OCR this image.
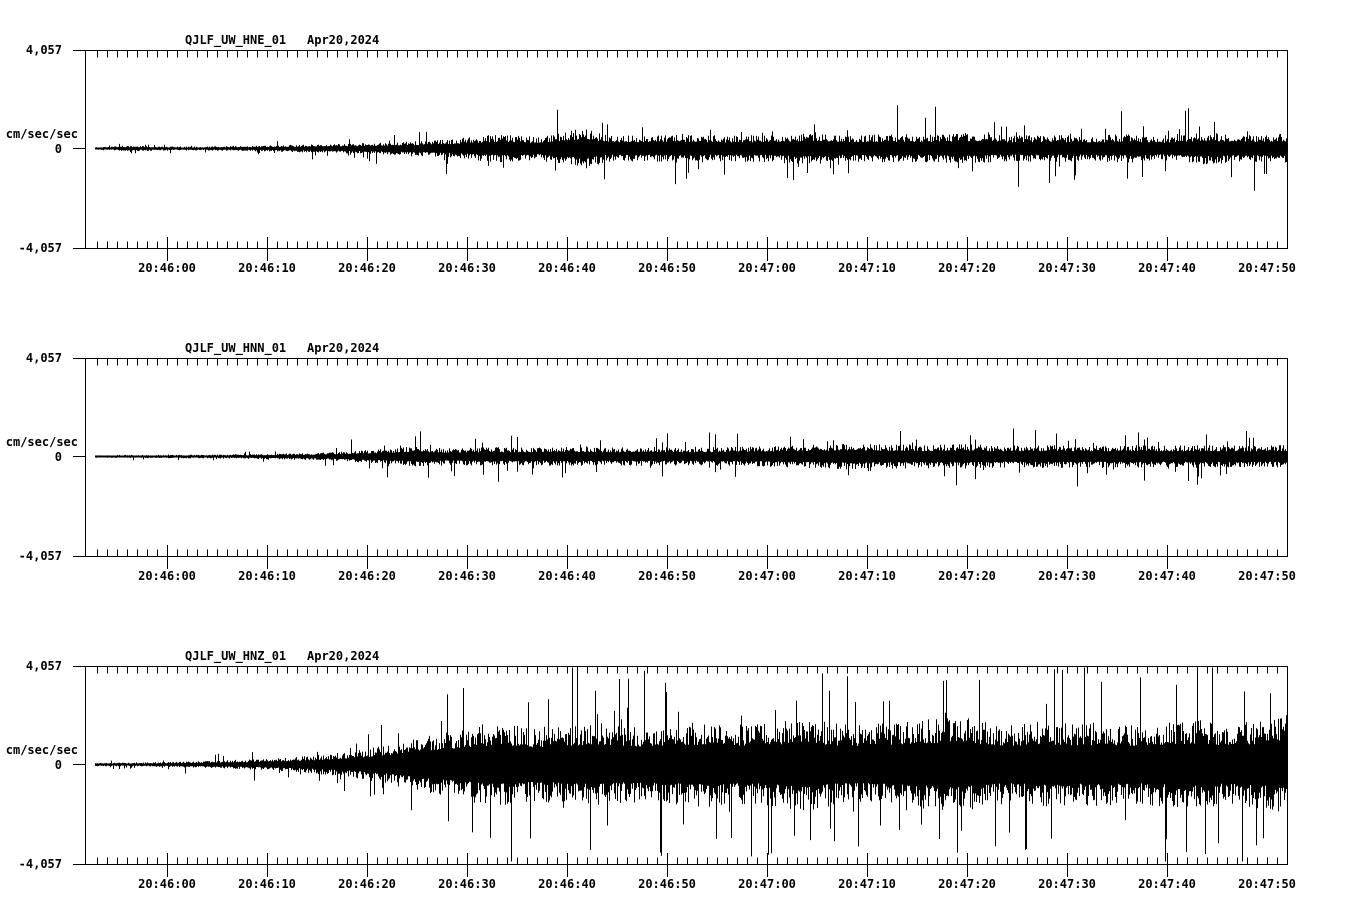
QJLF_UW_HNE_01 Apr20,2024
4,057
cm/sec/sec
0
-4,057
20:46:00	20:46:10	20:46:20	20:46:30	20:46:40	20:46:50	20:47:00	20:47:10	20:47:20	20:47:30	20:47:40	20:47:50
QJLF_UW_HNN_01 Apr20,2024
4,057
cm/sec/sec
0
-4,057
20:46:00	20:46:10	20:46:20	20:46:30	20:46:40	20:46:50	20:47:00	20:47:10	20:47:20	20:47:30	20:47:40	20:47:50
QJLF_UW_HNZ_01 Apr20,2024
4,057
cm/sec/sec
0
-4,057
20:46:00	20:46:10	20:46:20	20:46:30	20:46:40	20:46:50	20:47:00	20:47:10	20:47:20	20:47:30	20:47:40	20:47:50
